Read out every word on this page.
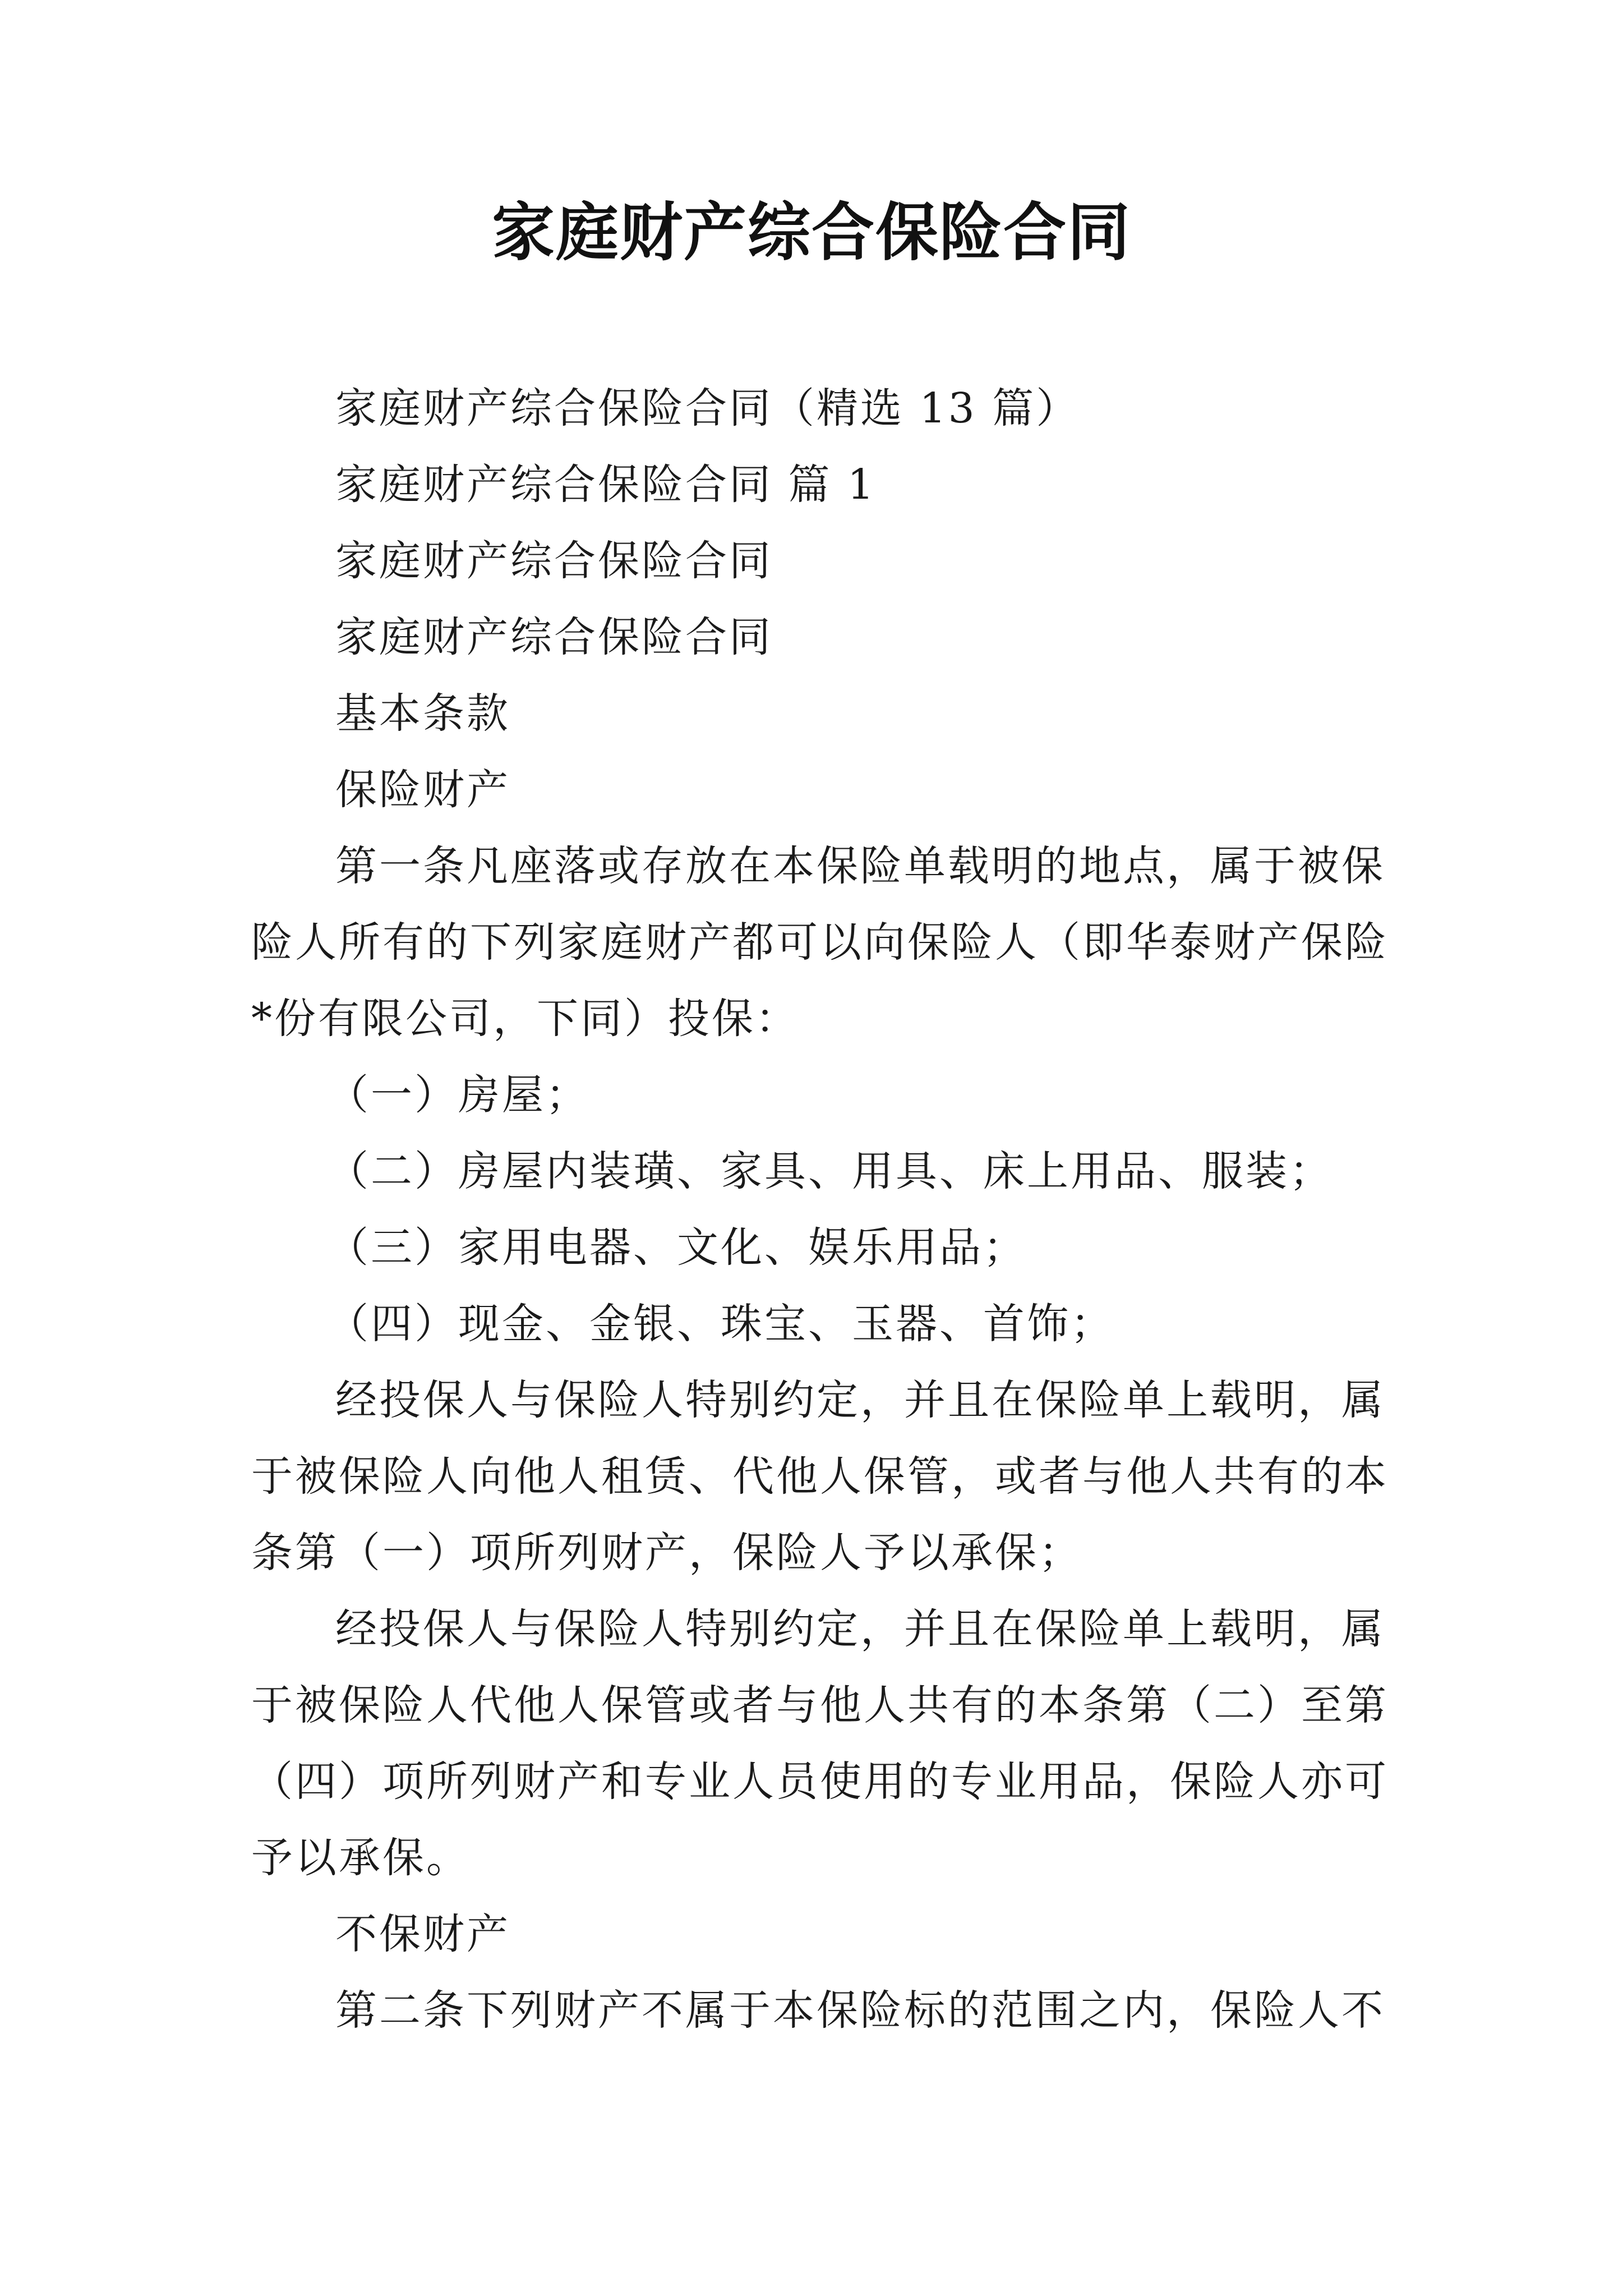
家庭财产综合保险合同
家庭财产综合保险合同（精选 13 篇）
家庭财产综合保险合同 篇 1
家庭财产综合保险合同
家庭财产综合保险合同
基本条款
保险财产
第一条凡座落或存放在本保险单载明的地点，属于被保
险人所有的下列家庭财产都可以向保险人（即华泰财产保险
*份有限公司，下同）投保：
（一）房屋；
（二）房屋内装璜、家具、用具、床上用品、服装；
（三）家用电器、文化、娱乐用品；
（四）现金、金银、珠宝、玉器、首饰；
经投保人与保险人特别约定，并且在保险单上载明，属
于被保险人向他人租赁、代他人保管，或者与他人共有的本
条第（一）项所列财产，保险人予以承保；
经投保人与保险人特别约定，并且在保险单上载明，属
于被保险人代他人保管或者与他人共有的本条第（二）至第
（四）项所列财产和专业人员使用的专业用品，保险人亦可
予以承保。
不保财产
第二条下列财产不属于本保险标的范围之内，保险人不
